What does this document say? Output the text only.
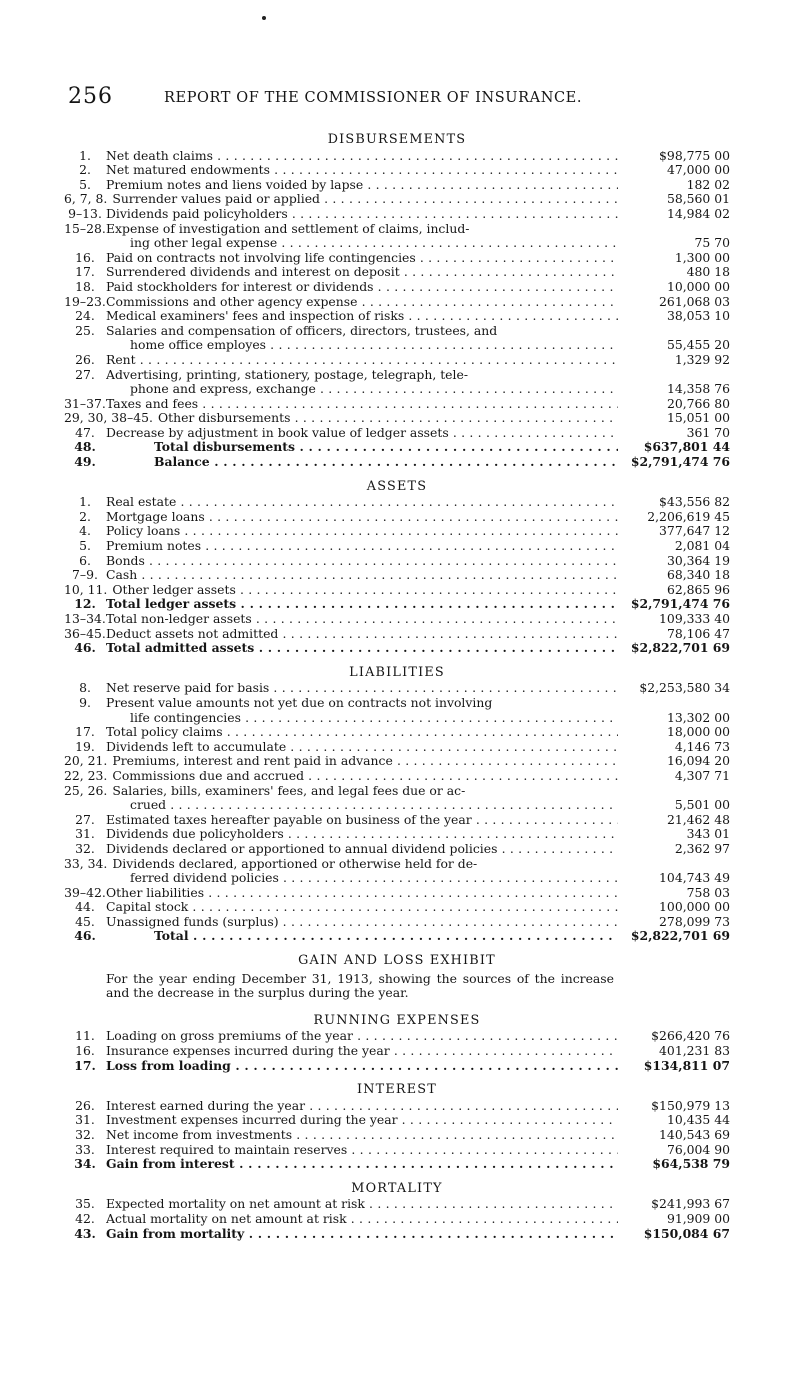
256	REPORT OF THE COMMISSIONER OF INSURANCE.
DISBURSEMENTS
1.	Net death claims . . .	$98,775 00
2.	Net matured endowments . . .	47,000 00
5.	Premium notes and liens voided by lapse . . .	182 02
6, 7, 8. Surrender values paid or applied . . .	58,560 01
9–13. Dividends paid policyholders . . .	14,984 02
15–28. Expense of investigation and settlement of claims, includ-
ing other legal expense . . .	75 70
16. Paid on contracts not involving life contingencies . . .	1,300 00
17. Surrendered dividends and interest on deposit . . .	480 18
18. Paid stockholders for interest or dividends . . .	10,000 00
19–23. Commissions and other agency expense . . .	261,068 03
24. Medical examiners' fees and inspection of risks . . .	38,053 10
25. Salaries and compensation of officers, directors, trustees, and
home office employes . . .	55,455 20
26. Rent . . .	1,329 92
27. Advertising, printing, stationery, postage, telegraph, tele-
phone and express, exchange . . .	14,358 76
31–37. Taxes and fees . . .	20,766 80
29, 30, 38–45. Other disbursements . . .	15,051 00
47. Decrease by adjustment in book value of ledger assets . . .	361 70
48.	Total disbursements . . .	$637,801 44
49.	Balance . . .	$2,791,474 76
ASSETS
1.	Real estate . . .	$43,556 82
2.	Mortgage loans . . .	2,206,619 45
4.	Policy loans . . .	377,647 12
5.	Premium notes . . .	2,081 04
6.	Bonds . . .	30,364 19
7–9. Cash . . .	68,340 18
10, 11. Other ledger assets . . .	62,865 96
12. Total ledger assets . . .	$2,791,474 76
13–34. Total non-ledger assets . . .	109,333 40
36–45. Deduct assets not admitted . . .	78,106 47
46. Total admitted assets . . .	$2,822,701 69
LIABILITIES
8.	Net reserve paid for basis . . .	$2,253,580 34
9.	Present value amounts not yet due on contracts not involving
life contingencies . . .	13,302 00
17. Total policy claims . . .	18,000 00
19. Dividends left to accumulate . . .	4,146 73
20, 21. Premiums, interest and rent paid in advance . . .	16,094 20
22, 23. Commissions due and accrued . . .	4,307 71
25, 26. Salaries, bills, examiners' fees, and legal fees due or ac-
crued . . .	5,501 00
27. Estimated taxes hereafter payable on business of the year . . .	21,462 48
31. Dividends due policyholders . . .	343 01
32. Dividends declared or apportioned to annual dividend policies . . .	2,362 97
33, 34. Dividends declared, apportioned or otherwise held for de-
ferred dividend policies . . .	104,743 49
39–42. Other liabilities . . .	758 03
44. Capital stock . . .	100,000 00
45. Unassigned funds (surplus) . . .	278,099 73
46.	Total . . .	$2,822,701 69
GAIN AND LOSS EXHIBIT
For the year ending December 31, 1913, showing the sources of the increase and the decrease in the surplus during the year.
RUNNING EXPENSES
11. Loading on gross premiums of the year . . .	$266,420 76
16. Insurance expenses incurred during the year . . .	401,231 83
17. Loss from loading . . .	$134,811 07
INTEREST
26. Interest earned during the year . . .	$150,979 13
31. Investment expenses incurred during the year . . .	10,435 44
32. Net income from investments . . .	140,543 69
33. Interest required to maintain reserves . . .	76,004 90
34. Gain from interest . . .	$64,538 79
MORTALITY
35. Expected mortality on net amount at risk . . .	$241,993 67
42. Actual mortality on net amount at risk . . .	91,909 00
43. Gain from mortality . . .	$150,084 67
